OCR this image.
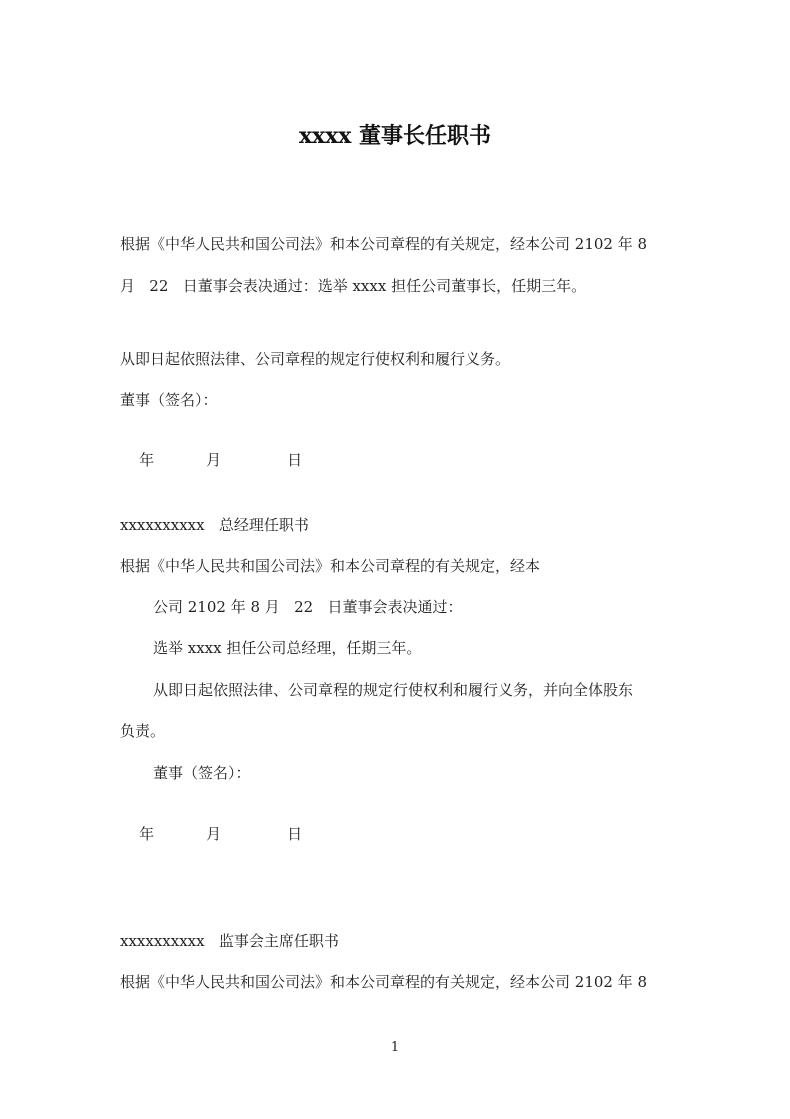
xxxx 董事长任职书
根据《中华人民共和国公司法》和本公司章程的有关规定，经本公司 2102 年 8
月   22   日董事会表决通过：选举 xxxx 担任公司董事长，任期三年。
从即日起依照法律、公司章程的规定行使权利和履行义务。
董事（签名）：

年	月	日

xxxxxxxxxx   总经理任职书
根据《中华人民共和国公司法》和本公司章程的有关规定，经本
公司 2102 年 8 月   22   日董事会表决通过：
选举 xxxx 担任公司总经理，任期三年。
从即日起依照法律、公司章程的规定行使权利和履行义务，并向全体股东
负责。
董事（签名）：

年	月	日

xxxxxxxxxx   监事会主席任职书
根据《中华人民共和国公司法》和本公司章程的有关规定，经本公司 2102 年 8
1
